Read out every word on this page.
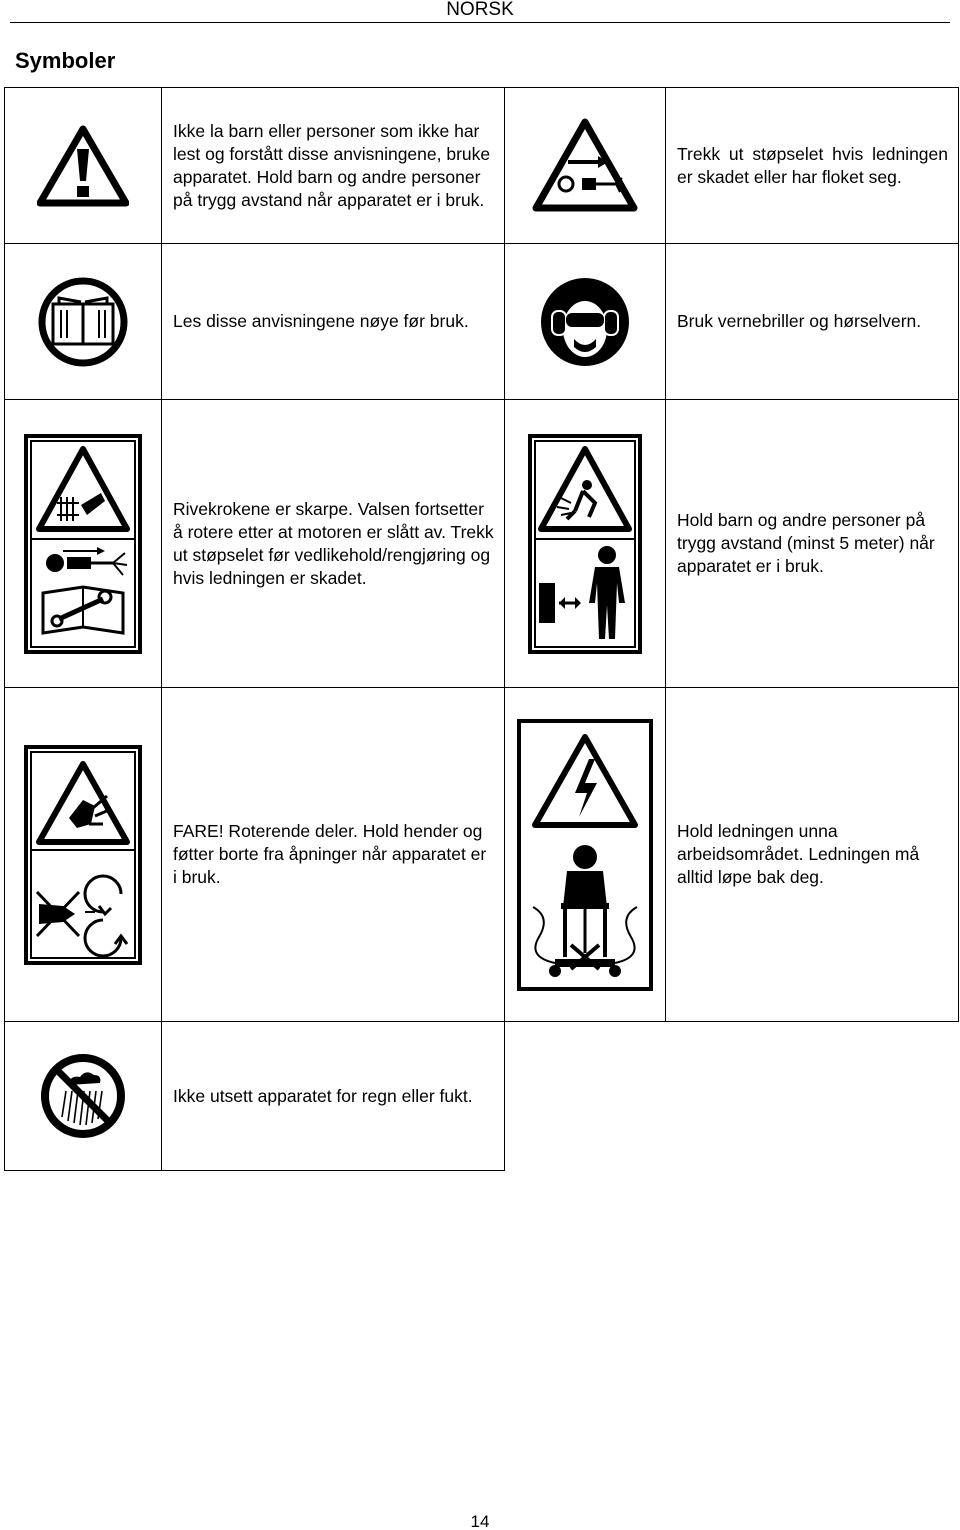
NORSK
Symboler
	Ikke la barn eller personer som ikke har lest og forstått disse anvisningene, bruke apparatet. Hold barn og andre personer på trygg avstand når apparatet er i bruk.		Trekk ut støpselet hvis ledningen er skadet eller har floket seg.

	Les disse anvisningene nøye før bruk.		Bruk vernebriller og hørselvern.

	Rivekrokene er skarpe. Valsen fortsetter å rotere etter at motoren er slått av. Trekk ut støpselet før vedlikehold/rengjøring og hvis ledningen er skadet.		Hold barn og andre personer på trygg avstand (minst 5 meter) når apparatet er i bruk.

	FARE! Roterende deler. Hold hender og føtter borte fra åpninger når apparatet er i bruk.		Hold ledningen unna arbeidsområdet. Ledningen må alltid løpe bak deg.

	Ikke utsett apparatet for regn eller fukt.		
14
